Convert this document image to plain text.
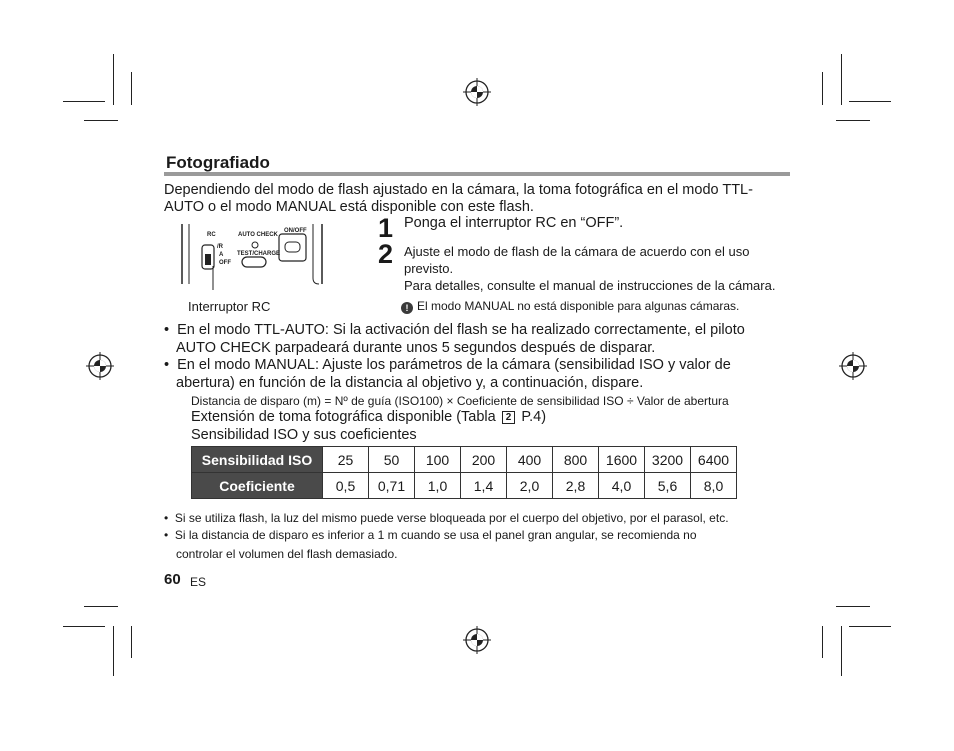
Fotografiado
Dependiendo del modo de flash ajustado en la cámara, la toma fotográfica en el modo TTL-
AUTO o el modo MANUAL está disponible con este flash.
RC	AUTO CHECK
ON/OFF
TEST/CHARGE
/R
A
OFF
Interruptor RC
1 Ponga el interruptor RC en “OFF”.
2 Ajuste el modo de flash de la cámara de acuerdo con el uso
previsto.
Para detalles, consulte el manual de instrucciones de la cámara.
! El modo MANUAL no está disponible para algunas cámaras.
•  En el modo TTL-AUTO: Si la activación del flash se ha realizado correctamente, el piloto
AUTO CHECK parpadeará durante unos 5 segundos después de disparar.
•  En el modo MANUAL: Ajuste los parámetros de la cámara (sensibilidad ISO y valor de
abertura) en función de la distancia al objetivo y, a continuación, dispare.
Distancia de disparo (m) = Nº de guía (ISO100) × Coeficiente de sensibilidad ISO ÷ Valor de abertura
Extensión de toma fotográfica disponible (Tabla 2 P.4)
Sensibilidad ISO y sus coeficientes
Sensibilidad ISO	25	50	100	200	400	800	1600	3200	6400
Coeficiente	0,5	0,71	1,0	1,4	2,0	2,8	4,0	5,6	8,0
•  Si se utiliza flash, la luz del mismo puede verse bloqueada por el cuerpo del objetivo, por el parasol, etc.
•  Si la distancia de disparo es inferior a 1 m cuando se usa el panel gran angular, se recomienda no
controlar el volumen del flash demasiado.
60 ES
